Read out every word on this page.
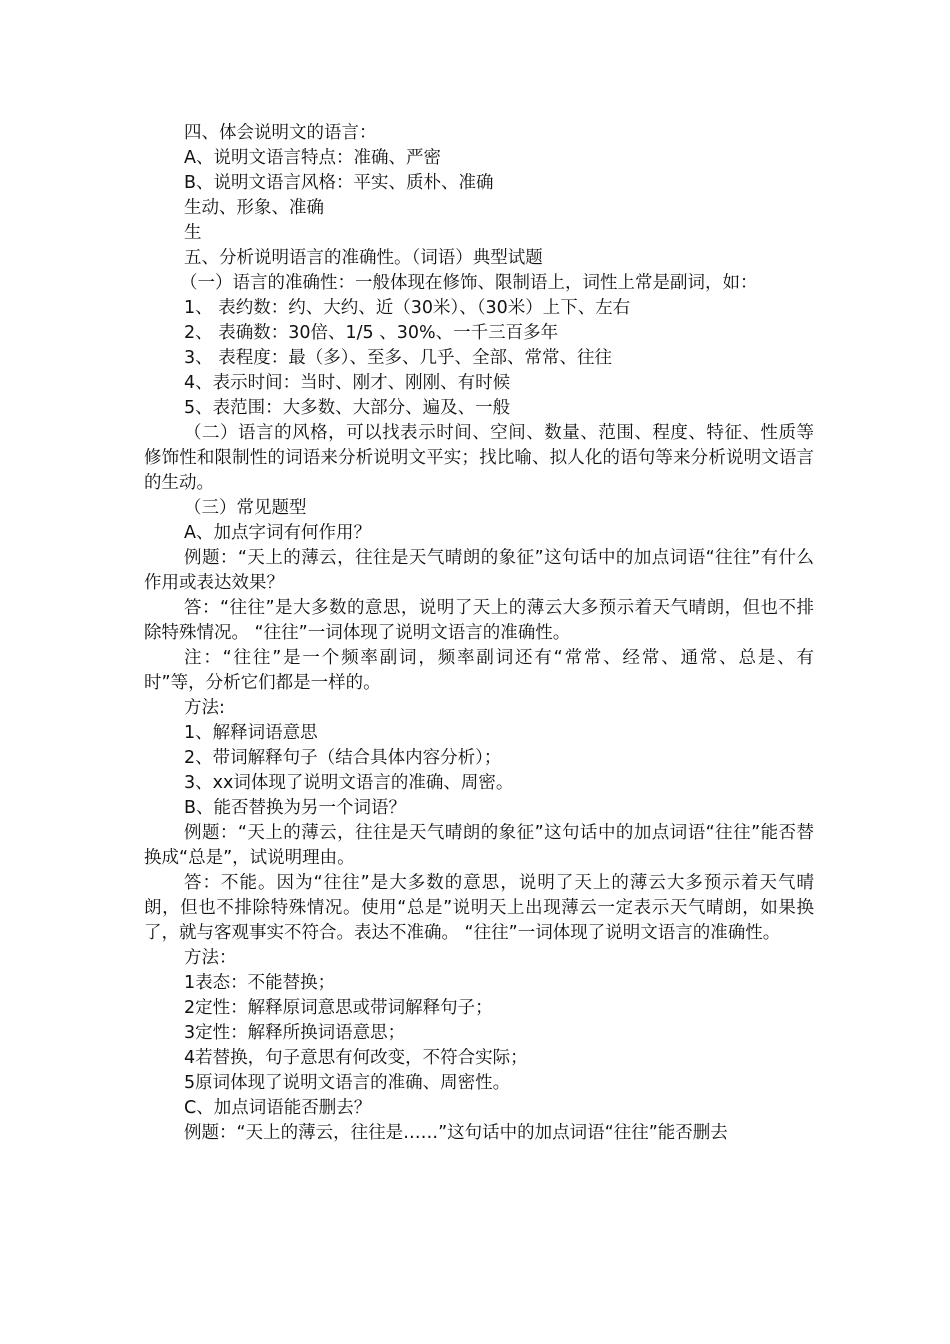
四、体会说明文的语言：
A、说明文语言特点：准确、严密
B、说明文语言风格：平实、质朴、准确
生动、形象、准确
生
五、分析说明语言的准确性。（词语）典型试题
（一）语言的准确性：一般体现在修饰、限制语上，词性上常是副词，如：
1、 表约数：约、大约、近（30米）、（30米）上下、左右
2、 表确数：30倍、1/5 、30%、一千三百多年
3、 表程度：最（多）、至多、几乎、全部、常常、往往
4、表示时间：当时、刚才、刚刚、有时候
5、表范围：大多数、大部分、遍及、一般
（二）语言的风格，可以找表示时间、空间、数量、范围、程度、特征、性质等 修饰性和限制性的词语来分析说明文平实；找比喻、拟人化的语句等来分析说明文语言的生动。
（三）常见题型
A、加点字词有何作用？
例题：“天上的薄云，往往是天气晴朗的象征”这句话中的加点词语“往往”有什么作用或表达效果？
答：“往往”是大多数的意思，说明了天上的薄云大多预示着天气晴朗，但也不排除特殊情况。 “往往”一词体现了说明文语言的准确性。
注：“往往”是一个频率副词，频率副词还有“常常、经常、通常、总是、有时”等，分析它们都是一样的。
方法:
1、解释词语意思
2、带词解释句子（结合具体内容分析）；
3、xx词体现了说明文语言的准确、周密。
B、能否替换为另一个词语？
例题：“天上的薄云，往往是天气晴朗的象征”这句话中的加点词语“往往”能否替换成“总是”，试说明理由。
答：不能。因为“往往”是大多数的意思，说明了天上的薄云大多预示着天气晴朗，但也不排除特殊情况。使用“总是”说明天上出现薄云一定表示天气晴朗，如果换了，就与客观事实不符合。表达不准确。 “往往”一词体现了说明文语言的准确性。
方法：
1表态：不能替换；
2定性：解释原词意思或带词解释句子；
3定性：解释所换词语意思；
4若替换，句子意思有何改变，不符合实际；
5原词体现了说明文语言的准确、周密性。
C、加点词语能否删去？
例题：“天上的薄云，往往是……”这句话中的加点词语“往往”能否删去
